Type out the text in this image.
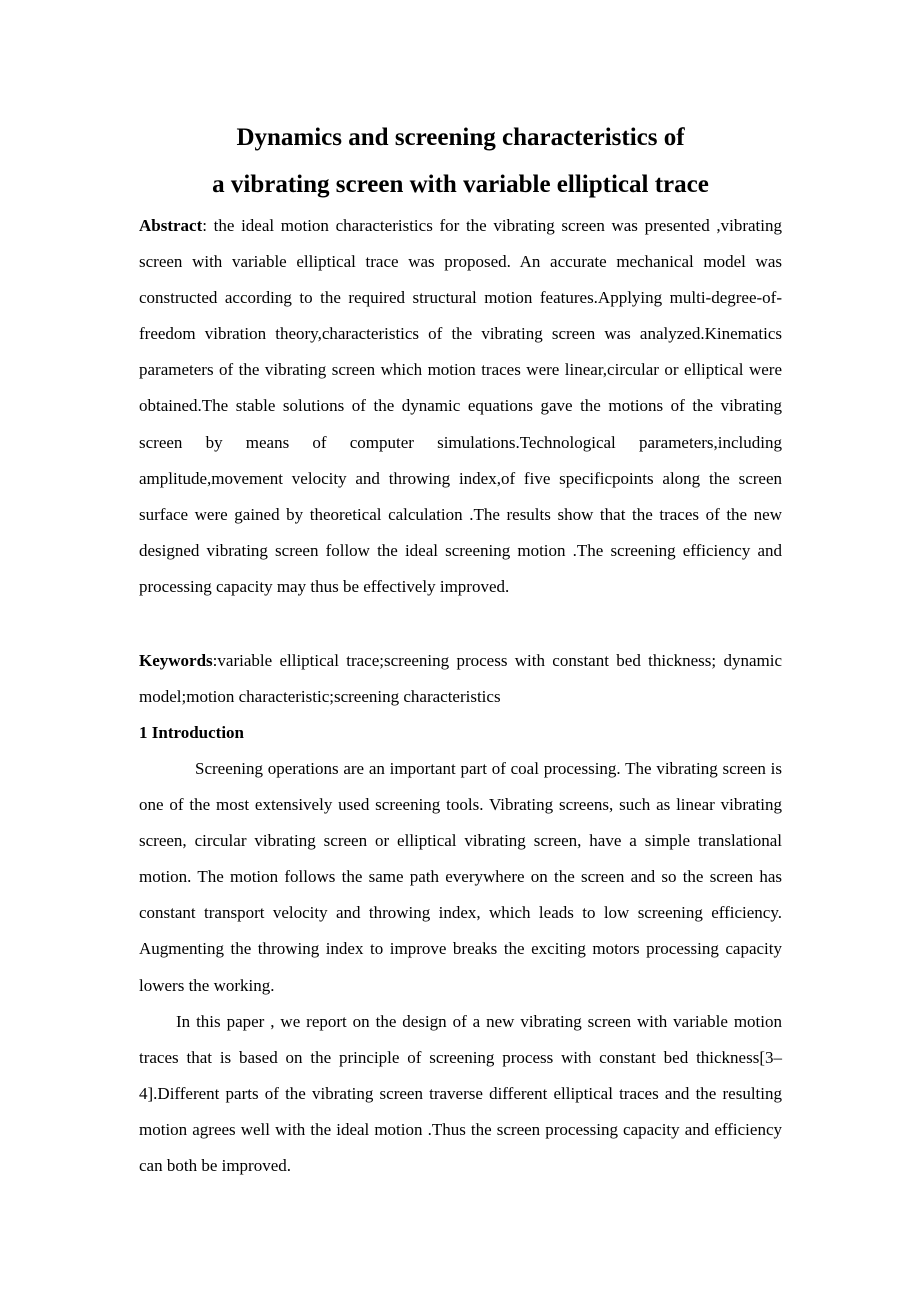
Dynamics and screening characteristics of
a vibrating screen with variable elliptical trace

Abstract: the ideal motion characteristics for the vibrating screen was presented ,vibrating screen with variable elliptical trace was proposed. An accurate mechanical model was constructed according to the required structural motion features.Applying multi-degree-of-freedom vibration theory,characteristics of the vibrating screen was analyzed.Kinematics parameters of the vibrating screen which motion traces were linear,circular or elliptical were obtained.The stable solutions of the dynamic equations gave the motions of the vibrating screen by means of computer simulations.Technological parameters,including amplitude,movement velocity and throwing index,of five specificpoints along the screen surface were gained by theoretical calculation .The results show that the traces of the new designed vibrating screen follow the ideal screening motion .The screening efficiency and processing capacity may thus be effectively improved.

Keywords:variable elliptical trace;screening process with constant bed thickness; dynamic model;motion characteristic;screening characteristics

1 Introduction

Screening operations are an important part of coal processing. The vibrating screen is one of the most extensively used screening tools. Vibrating screens, such as linear vibrating screen, circular vibrating screen or elliptical vibrating screen, have a simple translational motion. The motion follows the same path everywhere on the screen and so the screen has constant transport velocity and throwing index, which leads to low screening efficiency. Augmenting the throwing index to improve breaks the exciting motors processing capacity lowers the working.

In this paper , we report on the design of a new vibrating screen with variable motion traces that is based on the principle of screening process with constant bed thickness[3–4].Different parts of the vibrating screen traverse different elliptical traces and the resulting motion agrees well with the ideal motion .Thus the screen processing capacity and efficiency can both be improved.
